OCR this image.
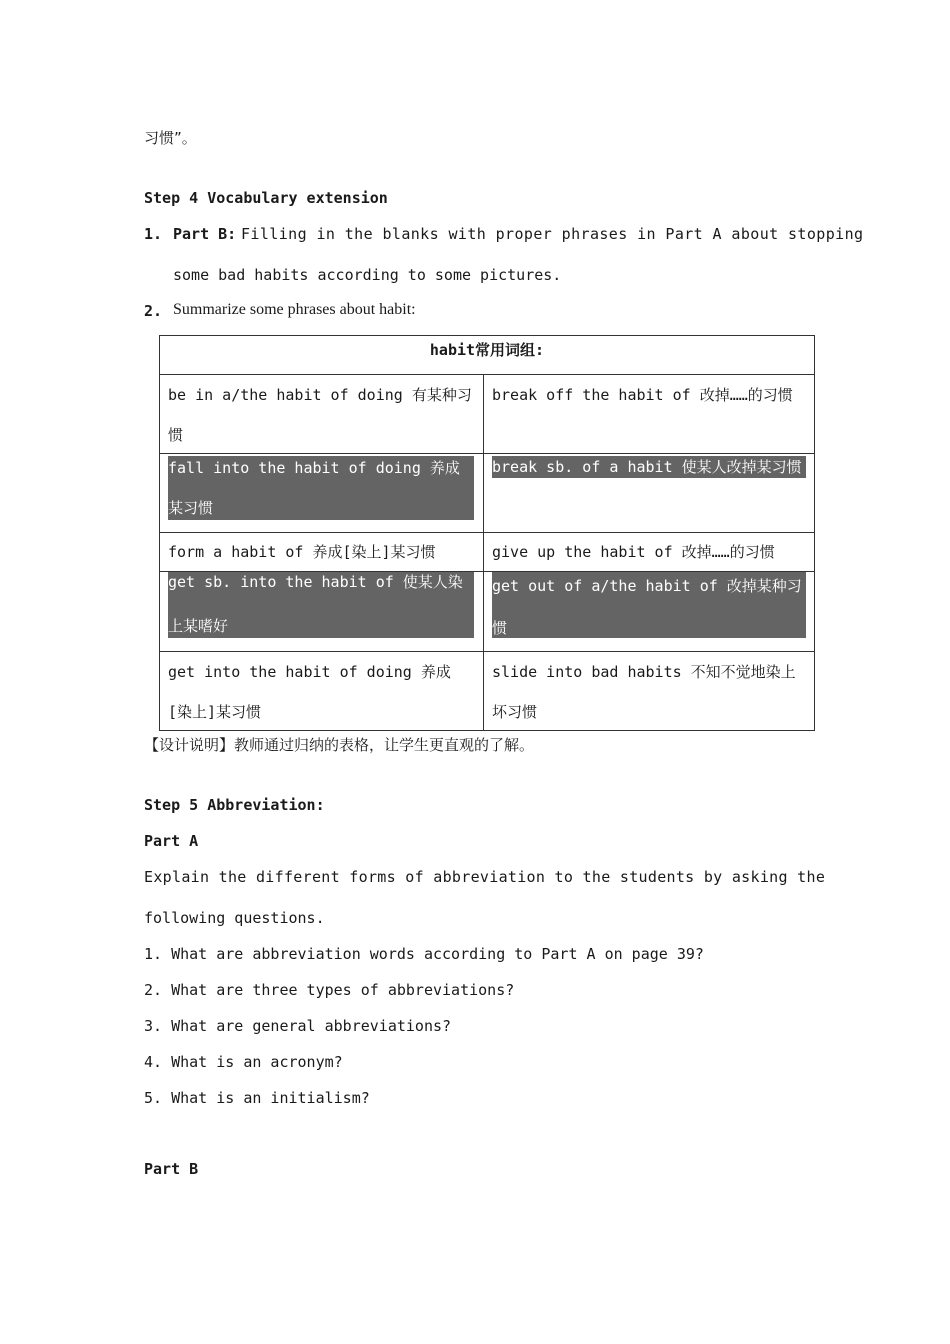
习惯”。
Step 4 Vocabulary extension
1. Part B: Filling in the blanks with proper phrases in Part A about stopping
some bad habits according to some pictures.
2. Summarize some phrases about habit:
habit常用词组:
be in a/the habit of doing 有某种习惯
break off the habit of 改掉……的习惯
fall into the habit of doing 养成某习惯
break sb. of a habit 使某人改掉某习惯
form a habit of 养成[染上]某习惯	give up the habit of 改掉……的习惯
get sb. into the habit of 使某人染上某嗜好
get out of a/the habit of 改掉某种习惯
get into the habit of doing 养成[染上]某习惯
slide into bad habits 不知不觉地染上坏习惯
【设计说明】教师通过归纳的表格，让学生更直观的了解。
Step 5 Abbreviation:
Part A
Explain the different forms of abbreviation to the students by asking the
following questions.
1. What are abbreviation words according to Part A on page 39?
2. What are three types of abbreviations?
3. What are general abbreviations?
4. What is an acronym?
5. What is an initialism?
Part B
